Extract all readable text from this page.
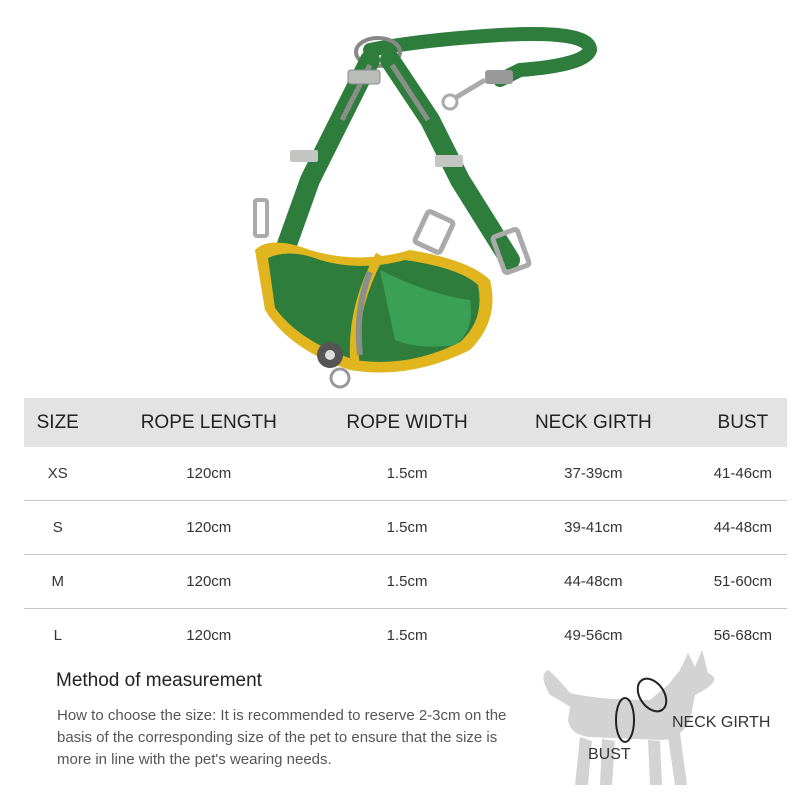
SIZE	ROPE LENGTH	ROPE WIDTH	NECK GIRTH	BUST
XS	120cm	1.5cm	37-39cm	41-46cm
S	120cm	1.5cm	39-41cm	44-48cm
M	120cm	1.5cm	44-48cm	51-60cm
L	120cm	1.5cm	49-56cm	56-68cm
Method of measurement
How to choose the size: It is recommended to reserve 2-3cm on the basis of the corresponding size of the pet to ensure that the size is more in line with the pet's wearing needs.
NECK GIRTH
BUST
